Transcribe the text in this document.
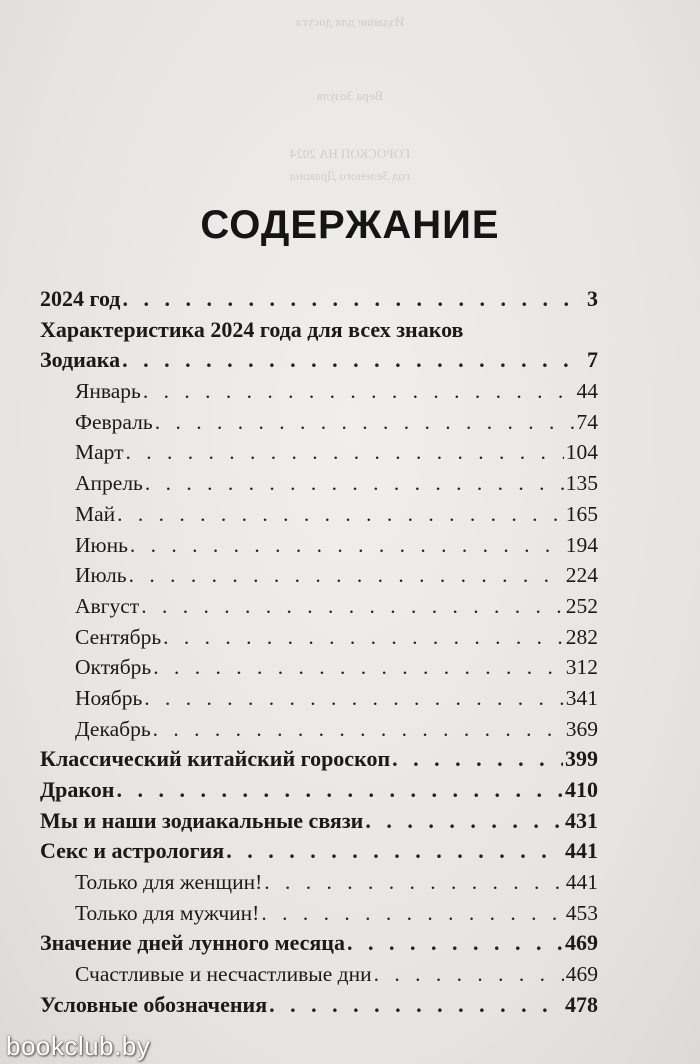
Издание для досуга
Вера Зозуля
ГОРОСКОП НА 2024
год Зеленого Дракона
СОДЕРЖАНИЕ
2024 год . . .	3
Характеристика 2024 года для всех знаков
Зодиака . . .	7
Январь . . .	44
Февраль . . .	74
Март . . .	104
Апрель . . .	135
Май . . .	165
Июнь . . .	194
Июль . . .	224
Август . . .	252
Сентябрь . . .	282
Октябрь . . .	312
Ноябрь . . .	341
Декабрь . . .	369
Классический китайский гороскоп . . .	399
Дракон . . .	410
Мы и наши зодиакальные связи . . .	431
Секс и астрология . . .	441
Только для женщин! . . .	441
Только для мужчин! . . .	453
Значение дней лунного месяца . . .	469
Счастливые и несчастливые дни . . .	469
Условные обозначения . . .	478
bookclub.by
